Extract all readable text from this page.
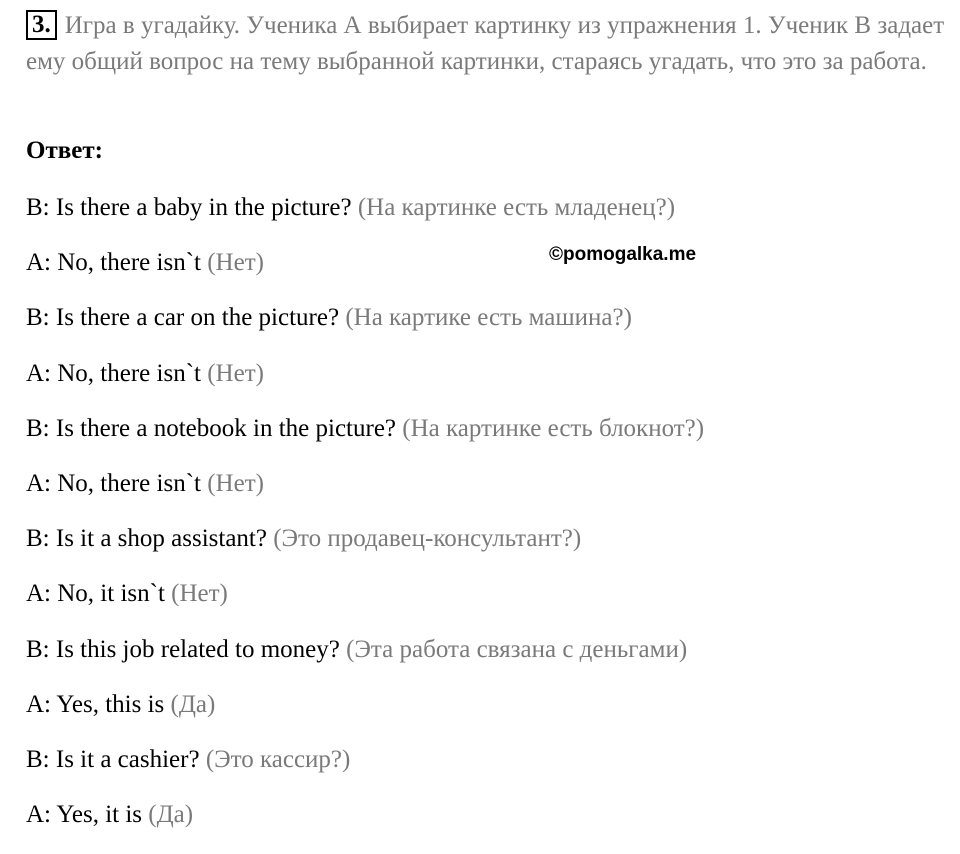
3. Игра в угадайку. Ученика А выбирает картинку из упражнения 1. Ученик В задает ему общий вопрос на тему выбранной картинки, стараясь угадать, что это за работа.
Ответ:
©pomogalka.me
B: Is there a baby in the picture? (На картинке есть младенец?)
A: No, there isn`t (Нет)
B: Is there a car on the picture? (На картике есть машина?)
A: No, there isn`t (Нет)
B: Is there a notebook in the picture? (На картинке есть блокнот?)
A: No, there isn`t (Нет)
B: Is it a shop assistant? (Это продавец-консультант?)
A: No, it isn`t (Нет)
B: Is this job related to money? (Эта работа связана с деньгами)
A: Yes, this is (Да)
B: Is it a cashier? (Это кассир?)
A: Yes, it is (Да)
